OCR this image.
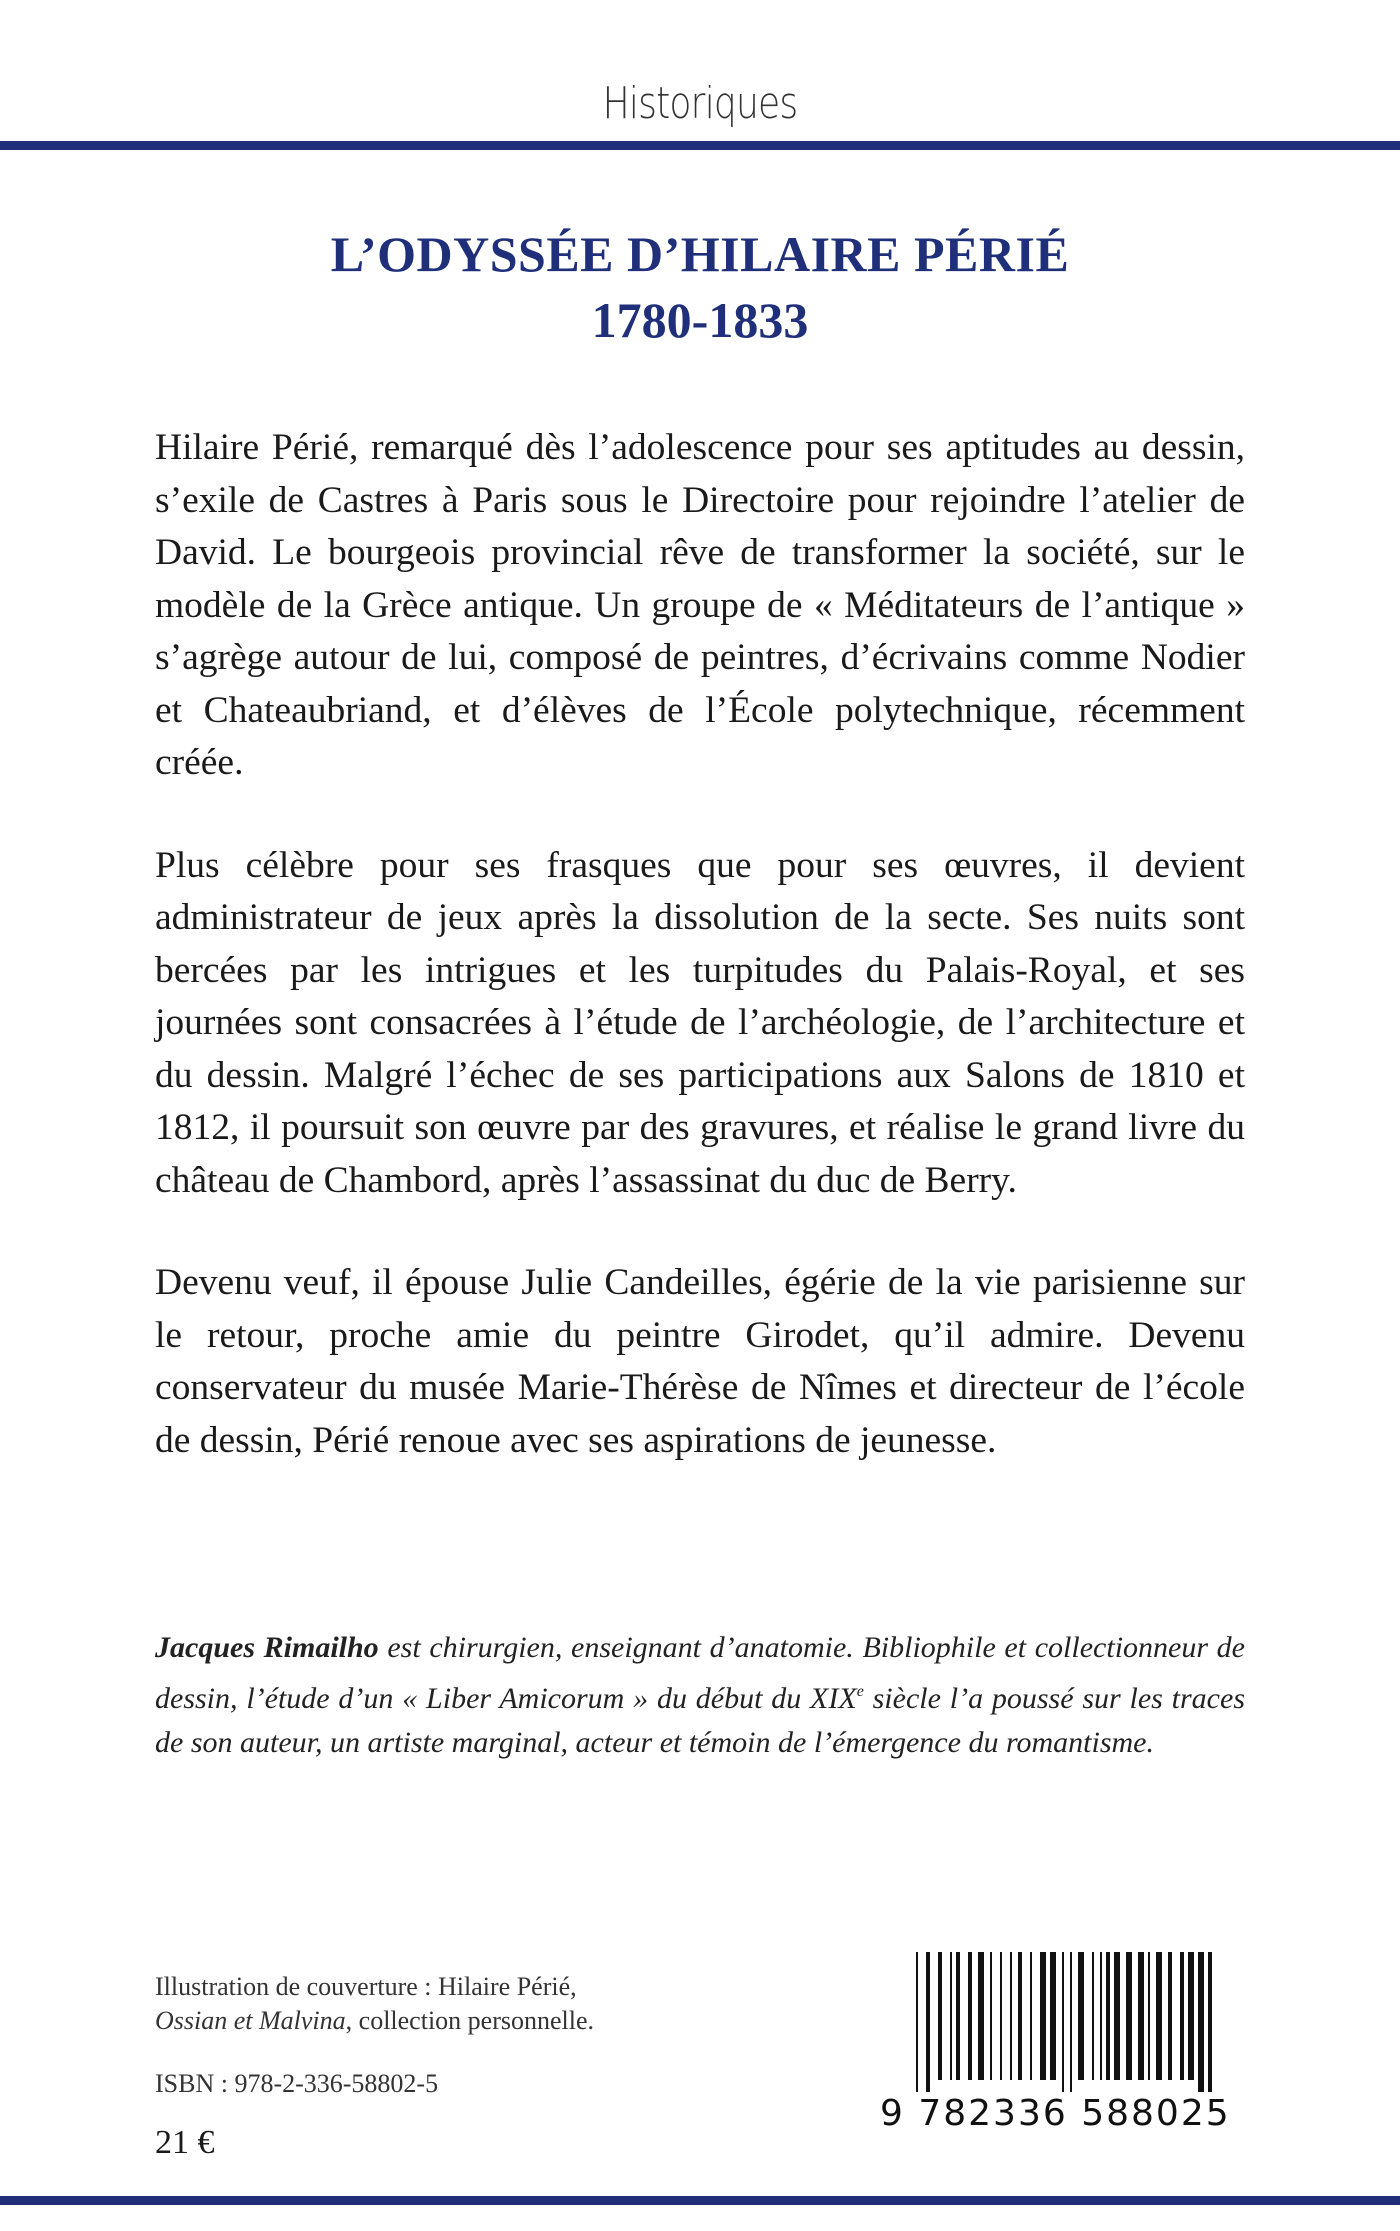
Historiques
L’ODYSSÉE D’HILAIRE PÉRIÉ
1780-1833

Hilaire Périé, remarqué dès l’adolescence pour ses aptitudes au dessin, s’exile de Castres à Paris sous le Directoire pour rejoindre l’atelier de David. Le bourgeois provincial rêve de transformer la société, sur le modèle de la Grèce antique. Un groupe de « Méditateurs de l’antique » s’agrège autour de lui, composé de peintres, d’écrivains comme Nodier et Chateaubriand, et d’élèves de l’École polytechnique, récemment créée.

Plus célèbre pour ses frasques que pour ses œuvres, il devient administrateur de jeux après la dissolution de la secte. Ses nuits sont bercées par les intrigues et les turpitudes du Palais-Royal, et ses journées sont consacrées à l’étude de l’archéologie, de l’architecture et du dessin. Malgré l’échec de ses participations aux Salons de 1810 et 1812, il poursuit son œuvre par des gravures, et réalise le grand livre du château de Chambord, après l’assassinat du duc de Berry.

Devenu veuf, il épouse Julie Candeilles, égérie de la vie parisienne sur le retour, proche amie du peintre Girodet, qu’il admire. Devenu conservateur du musée Marie-Thérèse de Nîmes et directeur de l’école de dessin, Périé renoue avec ses aspirations de jeunesse.

Jacques Rimailho est chirurgien, enseignant d’anatomie. Bibliophile et collectionneur de dessin, l’étude d’un « Liber Amicorum » du début du XIXe siècle l’a poussé sur les traces de son auteur, un artiste marginal, acteur et témoin de l’émergence du romantisme.
Illustration de couverture : Hilaire Périé,
Ossian et Malvina, collection personnelle.
ISBN : 978-2-336-58802-5
21 €
9 782336 588025
